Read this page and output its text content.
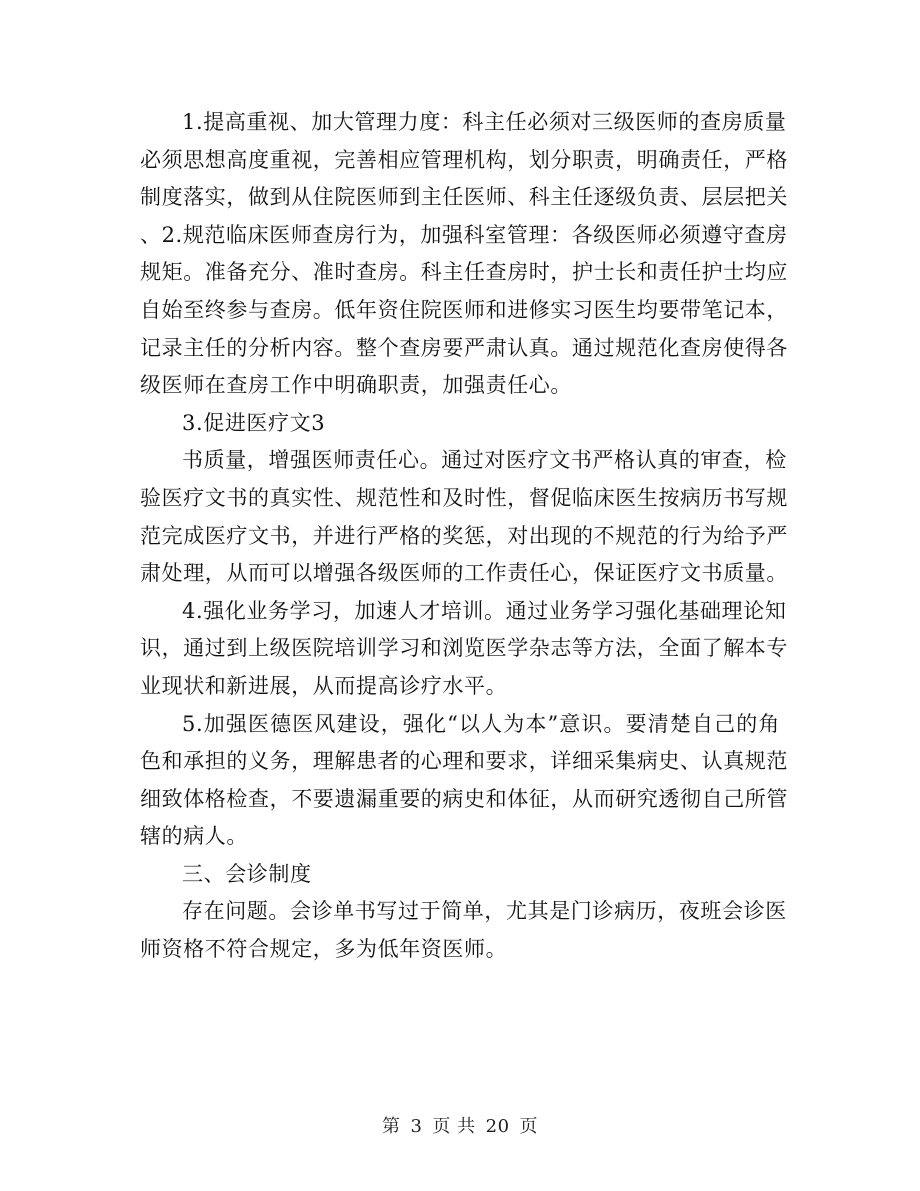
1.提高重视、加大管理力度：科主任必须对三级医师的查房质量
必须思想高度重视，完善相应管理机构，划分职责，明确责任，严格
制度落实，做到从住院医师到主任医师、科主任逐级负责、层层把关
、2.规范临床医师查房行为，加强科室管理：各级医师必须遵守查房
规矩。准备充分、准时查房。科主任查房时，护士长和责任护士均应
自始至终参与查房。低年资住院医师和进修实习医生均要带笔记本，
记录主任的分析内容。整个查房要严肃认真。通过规范化查房使得各
级医师在查房工作中明确职责，加强责任心。
3.促进医疗文3
书质量，增强医师责任心。通过对医疗文书严格认真的审查，检
验医疗文书的真实性、规范性和及时性，督促临床医生按病历书写规
范完成医疗文书，并进行严格的奖惩，对出现的不规范的行为给予严
肃处理，从而可以增强各级医师的工作责任心，保证医疗文书质量。
4.强化业务学习，加速人才培训。通过业务学习强化基础理论知
识，通过到上级医院培训学习和浏览医学杂志等方法，全面了解本专
业现状和新进展，从而提高诊疗水平。
5.加强医德医风建设，强化“以人为本”意识。要清楚自己的角
色和承担的义务，理解患者的心理和要求，详细采集病史、认真规范
细致体格检查，不要遗漏重要的病史和体征，从而研究透彻自己所管
辖的病人。
三、会诊制度
存在问题。会诊单书写过于简单，尤其是门诊病历，夜班会诊医
师资格不符合规定，多为低年资医师。
第 3 页 共 20 页
